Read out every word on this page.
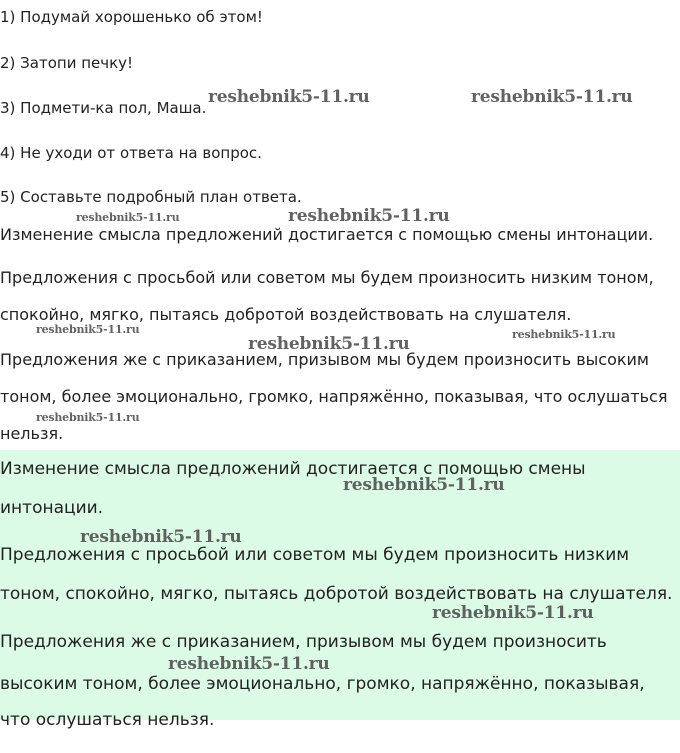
1) Подумай хорошенько об этом!

2) Затопи печку!

3) Подмети-ка пол, Маша.

4) Не уходи от ответа на вопрос.

5) Составьте подробный план ответа.

Изменение смысла предложений достигается с помощью смены интонации.

Предложения с просьбой или советом мы будем произносить низким тоном,

спокойно, мягко, пытаясь добротой воздействовать на слушателя.

Предложения же с приказанием, призывом мы будем произносить высоким

тоном, более эмоционально, громко, напряжённо, показывая, что ослушаться

нельзя.

Изменение смысла предложений достигается с помощью смены

интонации.

Предложения с просьбой или советом мы будем произносить низким

тоном, спокойно, мягко, пытаясь добротой воздействовать на слушателя.

Предложения же с приказанием, призывом мы будем произносить

высоким тоном, более эмоционально, громко, напряжённо, показывая,

что ослушаться нельзя.

reshebnik5-11.ru	reshebnik5-11.ru
reshebnik5-11.ru	reshebnik5-11.ru
reshebnik5-11.ru
reshebnik5-11.ru	reshebnik5-11.ru
reshebnik5-11.ru
reshebnik5-11.ru
reshebnik5-11.ru
reshebnik5-11.ru
reshebnik5-11.ru
